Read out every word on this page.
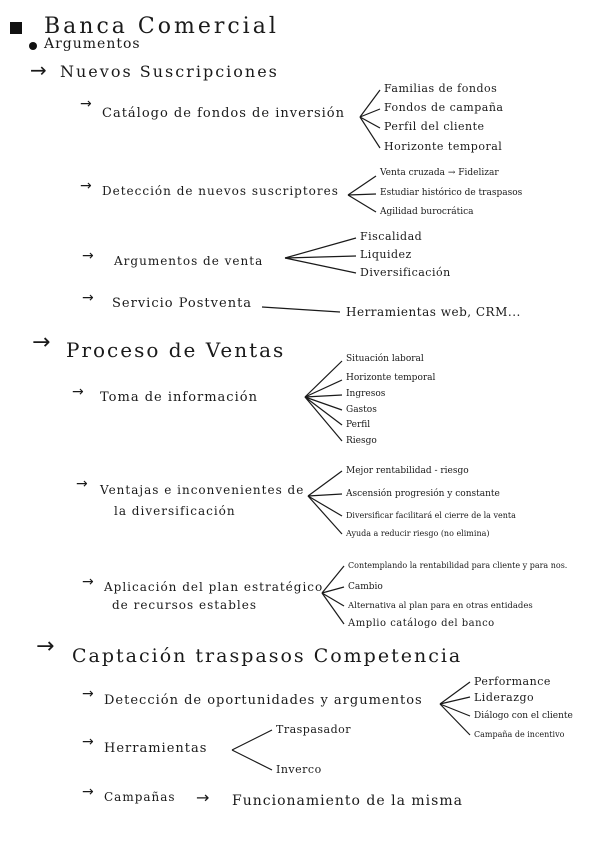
Banca Comercial
Argumentos
→ Nuevos Suscripciones
→
Catálogo de fondos de inversión
Familias de fondos
Fondos de campaña
Perfil del cliente
Horizonte temporal
→ Detección de nuevos suscriptores
Venta cruzada → Fidelizar
Estudiar histórico de traspasos
Agilidad burocrática
→ Argumentos de venta
Fiscalidad
Liquidez
Diversificación
→ Servicio Postventa
Herramientas web, CRM...
→ Proceso de Ventas
→ Toma de información
Situación laboral
Horizonte temporal
Ingresos
Gastos
Perfil
Riesgo
→ Ventajas e inconvenientes de
la diversificación
Mejor rentabilidad - riesgo
Ascensión progresión y constante
Diversificar facilitará el cierre de la venta
Ayuda a reducir riesgo (no elimina)
→ Aplicación del plan estratégico
de recursos estables
Contemplando la rentabilidad para cliente y para nos.
Cambio
Alternativa al plan para en otras entidades
Amplio catálogo del banco
→ Captación traspasos Competencia
→ Detección de oportunidades y argumentos
Performance
Liderazgo
Diálogo con el cliente
Campaña de incentivo
→ Herramientas
Traspasador
Inverco
→ Campañas → Funcionamiento de la misma
